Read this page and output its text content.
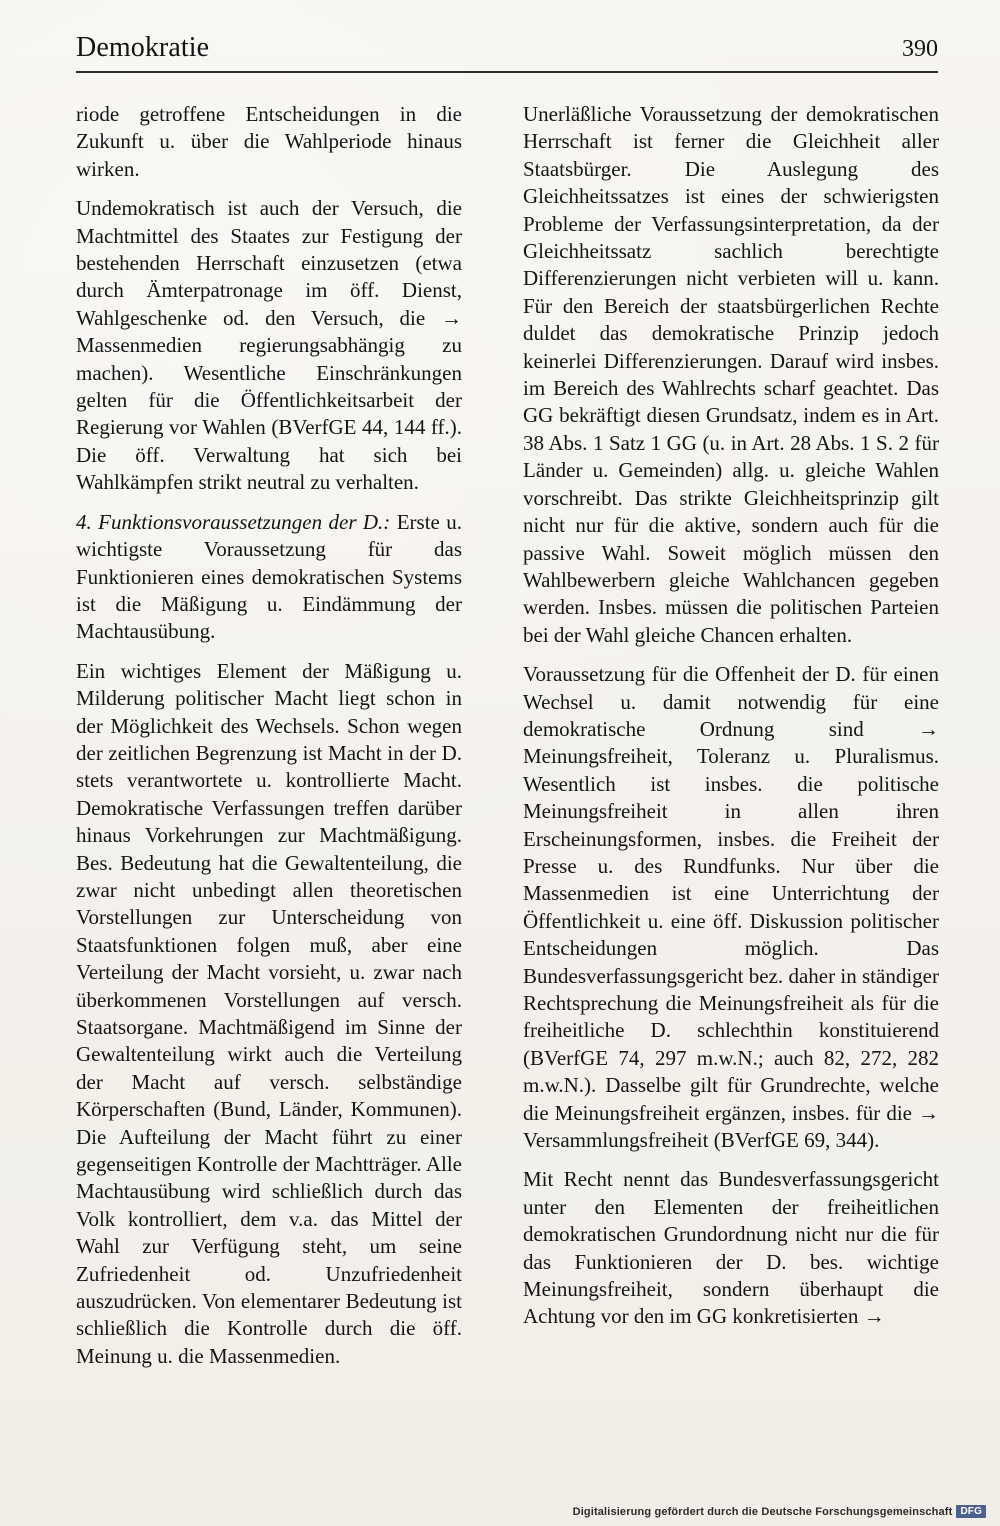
Demokratie	390

riode getroffene Entscheidungen in die Zukunft u. über die Wahlperiode hinaus wirken.

Undemokratisch ist auch der Versuch, die Machtmittel des Staates zur Festigung der bestehenden Herrschaft einzusetzen (etwa durch Ämterpatronage im öff. Dienst, Wahlgeschenke od. den Versuch, die → Massenmedien regierungsabhängig zu machen). Wesentliche Einschränkungen gelten für die Öffentlichkeitsarbeit der Regierung vor Wahlen (BVerfGE 44, 144 ff.). Die öff. Verwaltung hat sich bei Wahlkämpfen strikt neutral zu verhalten.

4. Funktionsvoraussetzungen der D.: Erste u. wichtigste Voraussetzung für das Funktionieren eines demokratischen Systems ist die Mäßigung u. Eindämmung der Machtausübung.

Ein wichtiges Element der Mäßigung u. Milderung politischer Macht liegt schon in der Möglichkeit des Wechsels. Schon wegen der zeitlichen Begrenzung ist Macht in der D. stets verantwortete u. kontrollierte Macht. Demokratische Verfassungen treffen darüber hinaus Vorkehrungen zur Machtmäßigung. Bes. Bedeutung hat die Gewaltenteilung, die zwar nicht unbedingt allen theoretischen Vorstellungen zur Unterscheidung von Staatsfunktionen folgen muß, aber eine Verteilung der Macht vorsieht, u. zwar nach überkommenen Vorstellungen auf versch. Staatsorgane. Machtmäßigend im Sinne der Gewaltenteilung wirkt auch die Verteilung der Macht auf versch. selbständige Körperschaften (Bund, Länder, Kommunen). Die Aufteilung der Macht führt zu einer gegenseitigen Kontrolle der Machtträger. Alle Machtausübung wird schließlich durch das Volk kontrolliert, dem v.a. das Mittel der Wahl zur Verfügung steht, um seine Zufriedenheit od. Unzufriedenheit auszudrücken. Von elementarer Bedeutung ist schließlich die Kontrolle durch die öff. Meinung u. die Massenmedien.

Unerläßliche Voraussetzung der demokratischen Herrschaft ist ferner die Gleichheit aller Staatsbürger. Die Auslegung des Gleichheitssatzes ist eines der schwierigsten Probleme der Verfassungsinterpretation, da der Gleichheitssatz sachlich berechtigte Differenzierungen nicht verbieten will u. kann. Für den Bereich der staatsbürgerlichen Rechte duldet das demokratische Prinzip jedoch keinerlei Differenzierungen. Darauf wird insbes. im Bereich des Wahlrechts scharf geachtet. Das GG bekräftigt diesen Grundsatz, indem es in Art. 38 Abs. 1 Satz 1 GG (u. in Art. 28 Abs. 1 S. 2 für Länder u. Gemeinden) allg. u. gleiche Wahlen vorschreibt. Das strikte Gleichheitsprinzip gilt nicht nur für die aktive, sondern auch für die passive Wahl. Soweit möglich müssen den Wahlbewerbern gleiche Wahlchancen gegeben werden. Insbes. müssen die politischen Parteien bei der Wahl gleiche Chancen erhalten.

Voraussetzung für die Offenheit der D. für einen Wechsel u. damit notwendig für eine demokratische Ordnung sind → Meinungsfreiheit, Toleranz u. Pluralismus. Wesentlich ist insbes. die politische Meinungsfreiheit in allen ihren Erscheinungsformen, insbes. die Freiheit der Presse u. des Rundfunks. Nur über die Massenmedien ist eine Unterrichtung der Öffentlichkeit u. eine öff. Diskussion politischer Entscheidungen möglich. Das Bundesverfassungsgericht bez. daher in ständiger Rechtsprechung die Meinungsfreiheit als für die freiheitliche D. schlechthin konstituierend (BVerfGE 74, 297 m.w.N.; auch 82, 272, 282 m.w.N.). Dasselbe gilt für Grundrechte, welche die Meinungsfreiheit ergänzen, insbes. für die → Versammlungsfreiheit (BVerfGE 69, 344).

Mit Recht nennt das Bundesverfassungsgericht unter den Elementen der freiheitlichen demokratischen Grundordnung nicht nur die für das Funktionieren der D. bes. wichtige Meinungsfreiheit, sondern überhaupt die Achtung vor den im GG konkretisierten →

Digitalisierung gefördert durch die Deutsche Forschungsgemeinschaft DFG
